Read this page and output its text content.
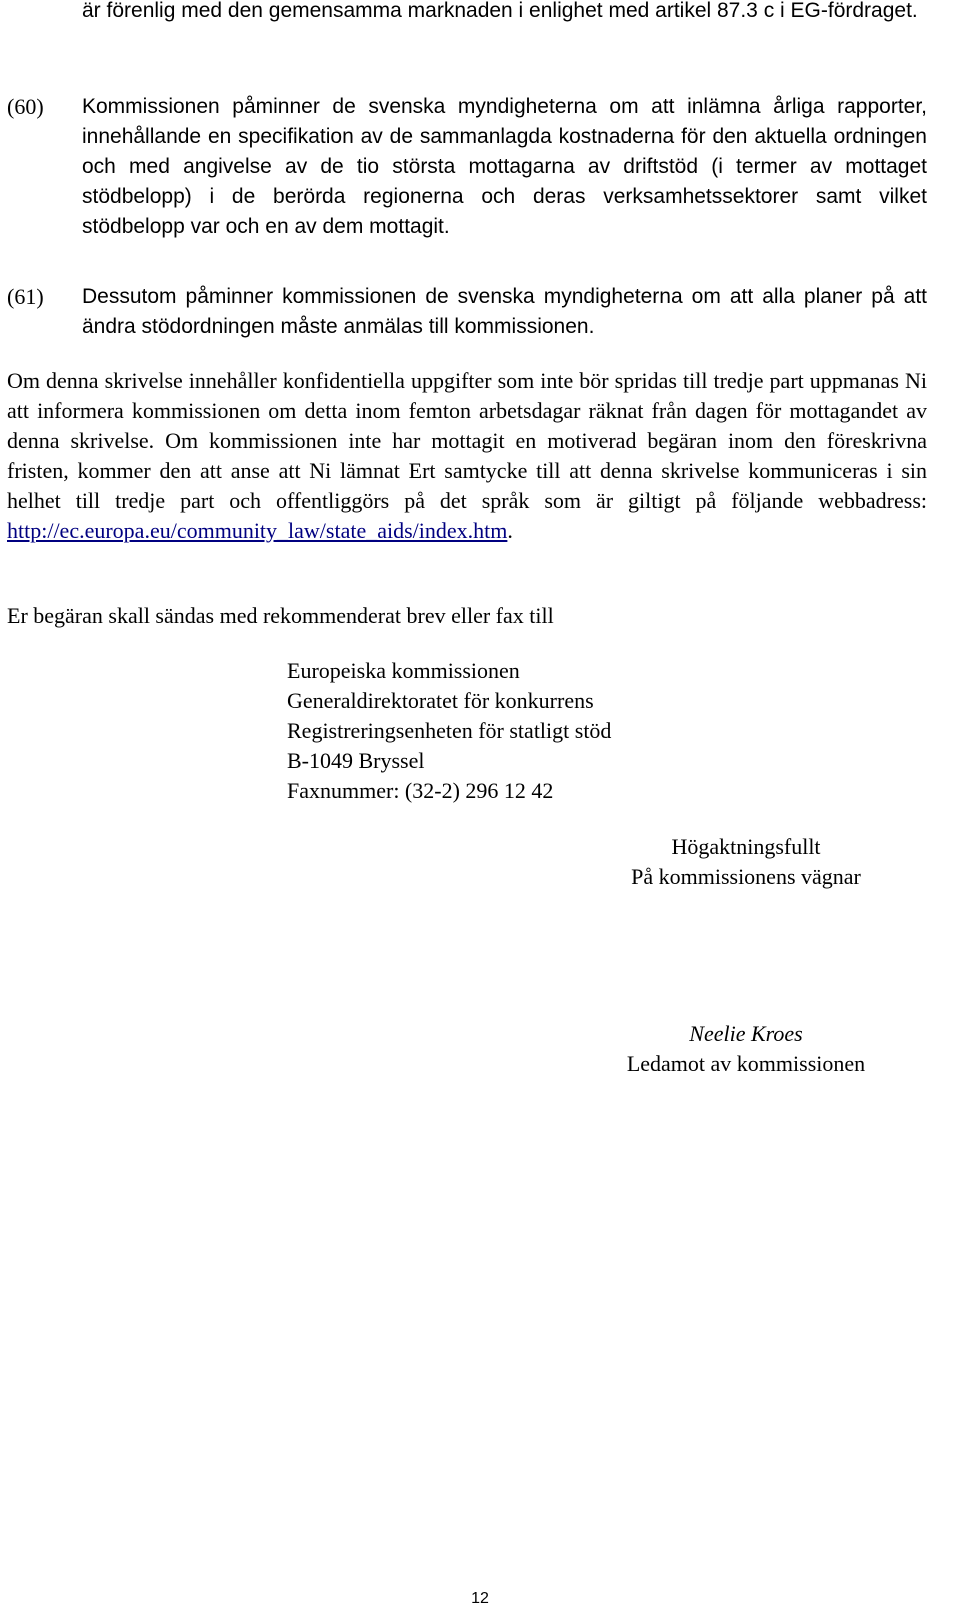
är förenlig med den gemensamma marknaden i enlighet med artikel 87.3 c i EG-fördraget.
(60) Kommissionen påminner de svenska myndigheterna om att inlämna årliga rapporter, innehållande en specifikation av de sammanlagda kostnaderna för den aktuella ordningen och med angivelse av de tio största mottagarna av driftstöd (i termer av mottaget stödbelopp) i de berörda regionerna och deras verksamhetssektorer samt vilket stödbelopp var och en av dem mottagit.
(61) Dessutom påminner kommissionen de svenska myndigheterna om att alla planer på att ändra stödordningen måste anmälas till kommissionen.
Om denna skrivelse innehåller konfidentiella uppgifter som inte bör spridas till tredje part uppmanas Ni att informera kommissionen om detta inom femton arbetsdagar räknat från dagen för mottagandet av denna skrivelse. Om kommissionen inte har mottagit en motiverad begäran inom den föreskrivna fristen, kommer den att anse att Ni lämnat Ert samtycke till att denna skrivelse kommuniceras i sin helhet till tredje part och offentliggörs på det språk som är giltigt på följande webbadress: http://ec.europa.eu/community_law/state_aids/index.htm.
Er begäran skall sändas med rekommenderat brev eller fax till
Europeiska kommissionen
Generaldirektoratet för konkurrens
Registreringsenheten för statligt stöd
B-1049 Bryssel
Faxnummer: (32-2) 296 12 42
Högaktningsfullt
På kommissionens vägnar
Neelie Kroes
Ledamot av kommissionen
12
